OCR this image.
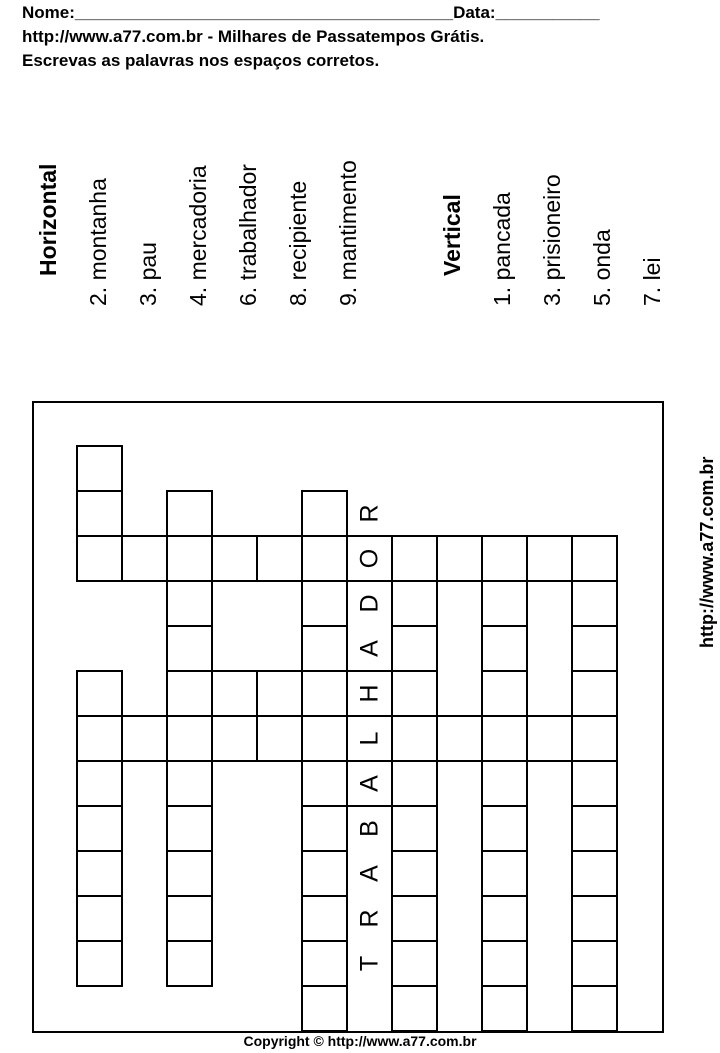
Nome:________________________________________Data:___________
http://www.a77.com.br - Milhares de Passatempos Grátis.
Escrevas as palavras nos espaços corretos.
Horizontal 2. montanha 3. pau 4. mercadoria 6. trabalhador 8. recipiente 9. mantimento	Vertical 1. pancada 3. prisioneiro 5. onda 7. lei
T
R
A
B
A
L
H
A
D
O
R	http://www.a77.com.br
Copyright © http://www.a77.com.br
